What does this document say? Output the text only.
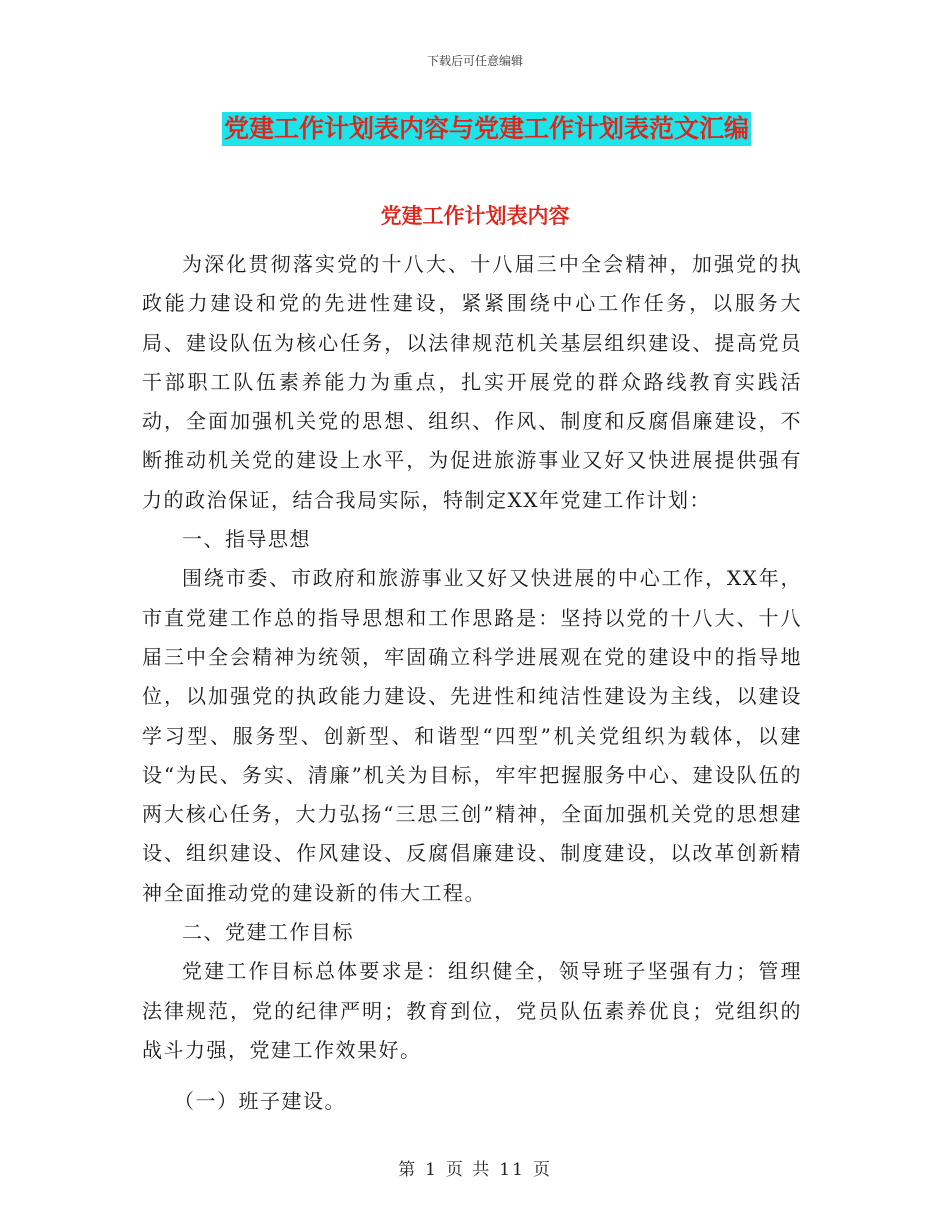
下载后可任意编辑
党建工作计划表内容与党建工作计划表范文汇编
党建工作计划表内容

为深化贯彻落实党的十八大、十八届三中全会精神，加强党的执政能力建设和党的先进性建设，紧紧围绕中心工作任务，以服务大局、建设队伍为核心任务，以法律规范机关基层组织建设、提高党员干部职工队伍素养能力为重点，扎实开展党的群众路线教育实践活动，全面加强机关党的思想、组织、作风、制度和反腐倡廉建设，不断推动机关党的建设上水平，为促进旅游事业又好又快进展提供强有力的政治保证，结合我局实际，特制定XX年党建工作计划：

一、指导思想

围绕市委、市政府和旅游事业又好又快进展的中心工作，XX年，市直党建工作总的指导思想和工作思路是：坚持以党的十八大、十八届三中全会精神为统领，牢固确立科学进展观在党的建设中的指导地位，以加强党的执政能力建设、先进性和纯洁性建设为主线，以建设学习型、服务型、创新型、和谐型“四型”机关党组织为载体，以建设“为民、务实、清廉”机关为目标，牢牢把握服务中心、建设队伍的两大核心任务，大力弘扬“三思三创”精神，全面加强机关党的思想建设、组织建设、作风建设、反腐倡廉建设、制度建设，以改革创新精神全面推动党的建设新的伟大工程。

二、党建工作目标

党建工作目标总体要求是：组织健全，领导班子坚强有力；管理法律规范，党的纪律严明；教育到位，党员队伍素养优良；党组织的战斗力强，党建工作效果好。

（一）班子建设。

第 1 页 共 11 页
